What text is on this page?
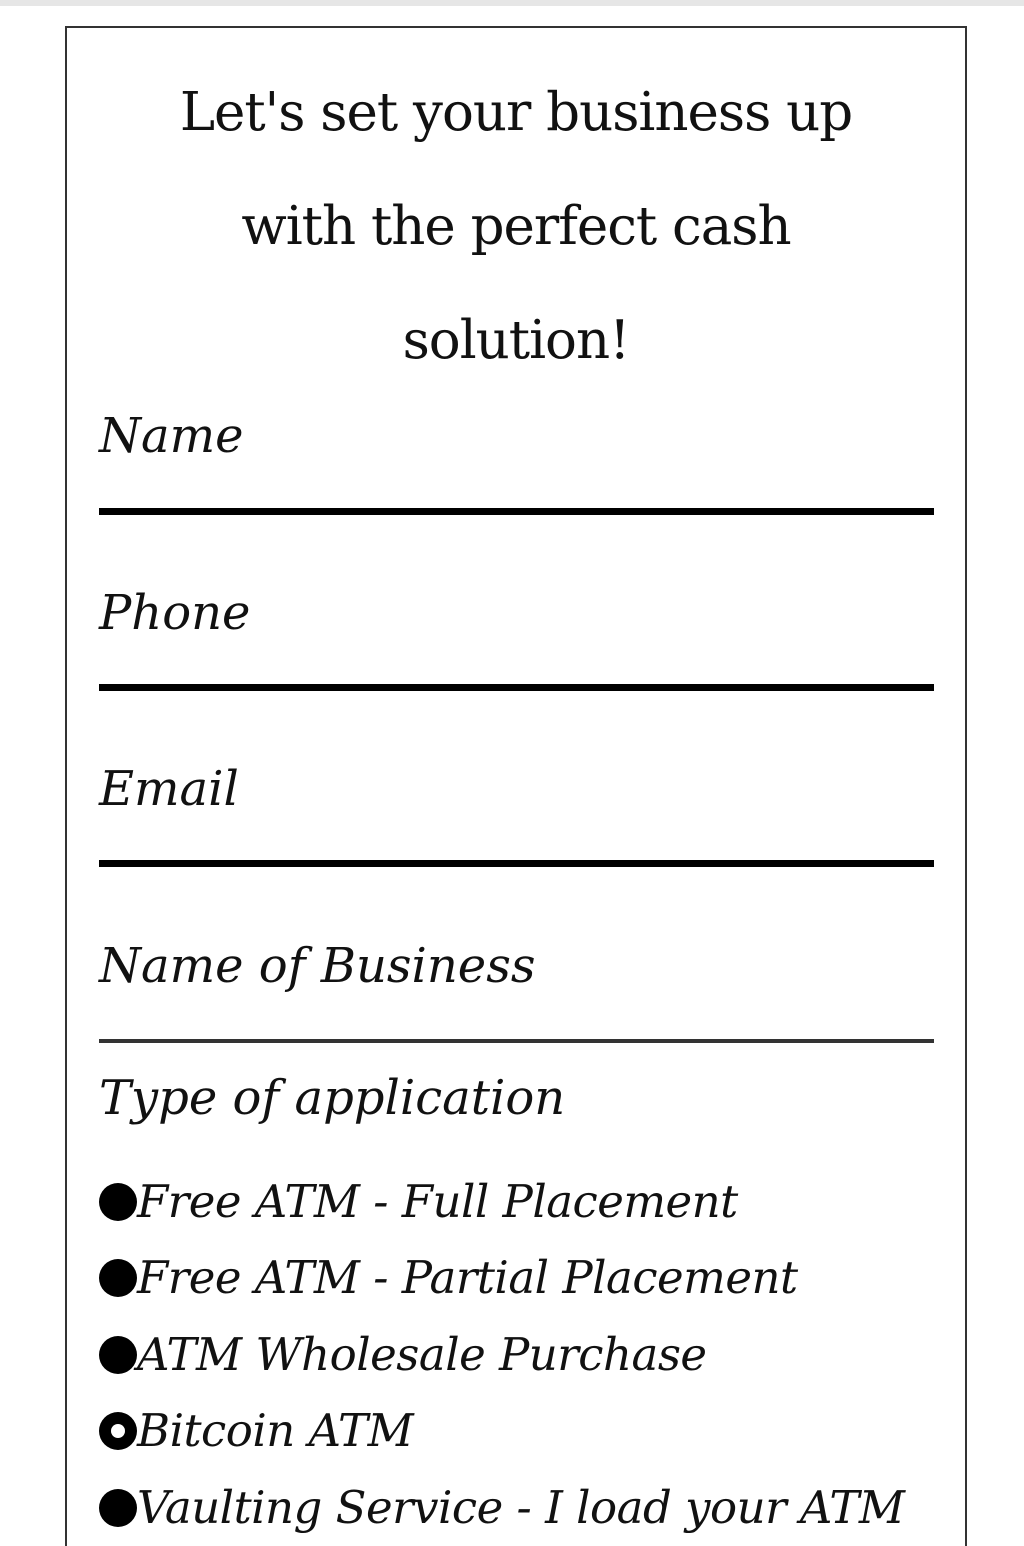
Let's set your business up
with the perfect cash
solution!
Name
Phone
Email
Name of Business
Type of application
Free ATM - Full Placement
Free ATM - Partial Placement
ATM Wholesale Purchase
Bitcoin ATM
Vaulting Service - I load your ATM
